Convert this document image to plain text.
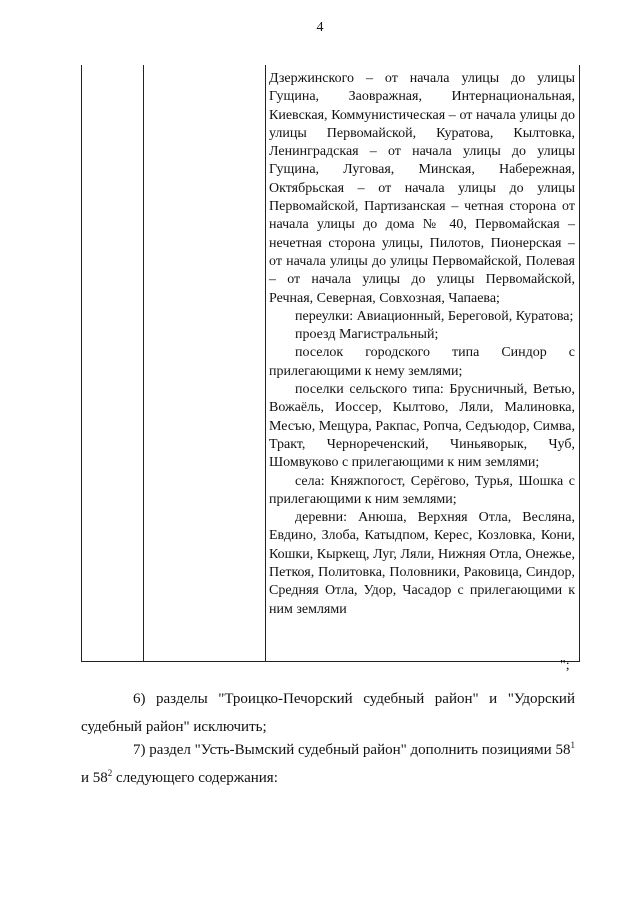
4

Дзержинского – от начала улицы до улицы Гущина, Заовражная, Интернациональная, Киевская, Коммунистическая – от начала улицы до улицы Первомайской, Куратова, Кылтовка, Ленинградская – от начала улицы до улицы Гущина, Луговая, Минская, Набережная, Октябрьская – от начала улицы до улицы Первомайской, Партизанская – четная сторона от начала улицы до дома № 40, Первомайская – нечетная сторона улицы, Пилотов, Пионерская – от начала улицы до улицы Первомайской, Полевая – от начала улицы до улицы Первомайской, Речная, Северная, Совхозная, Чапаева;

переулки: Авиационный, Береговой, Куратова;

проезд Магистральный;

поселок городского типа Синдор с прилегающими к нему землями;

поселки сельского типа: Брусничный, Ветью, Вожаёль, Иоссер, Кылтово, Ляли, Малиновка, Месъю, Мещура, Ракпас, Ропча, Седъюдор, Симва, Тракт, Чернореченский, Чиньяворык, Чуб, Шомвуково с прилегающими к ним землями;

села: Княжпогост, Серёгово, Турья, Шошка с прилегающими к ним землями;

деревни: Анюша, Верхняя Отла, Весляна, Евдино, Злоба, Катыдпом, Керес, Козловка, Кони, Кошки, Кыркещ, Луг, Ляли, Нижняя Отла, Онежье, Петкоя, Политовка, Половники, Раковица, Синдор, Средняя Отла, Удор, Часадор с прилегающими к ним землями

";
6) разделы "Троицко-Печорский судебный район" и "Удорский судебный район" исключить;
7) раздел "Усть-Вымский судебный район" дополнить позициями $58^1$ и $58^2$ следующего содержания:
